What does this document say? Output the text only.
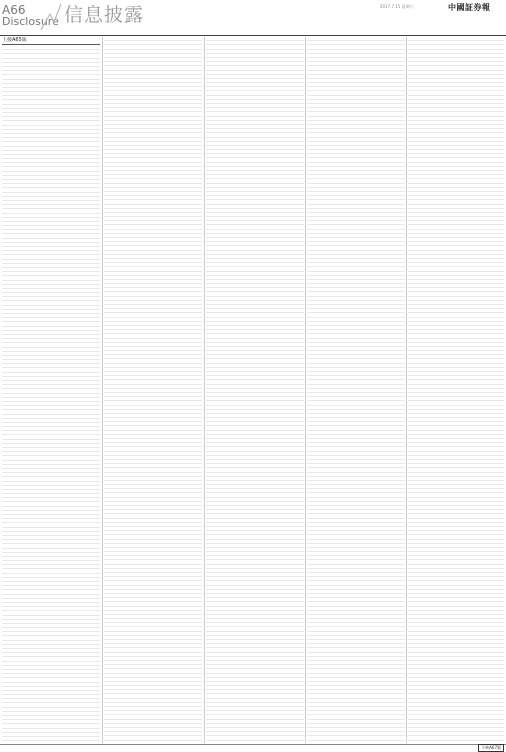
A66
Disclosure 信息披露	2017.7.15 星期六	中國証券報
上接A65版
下转A67版
